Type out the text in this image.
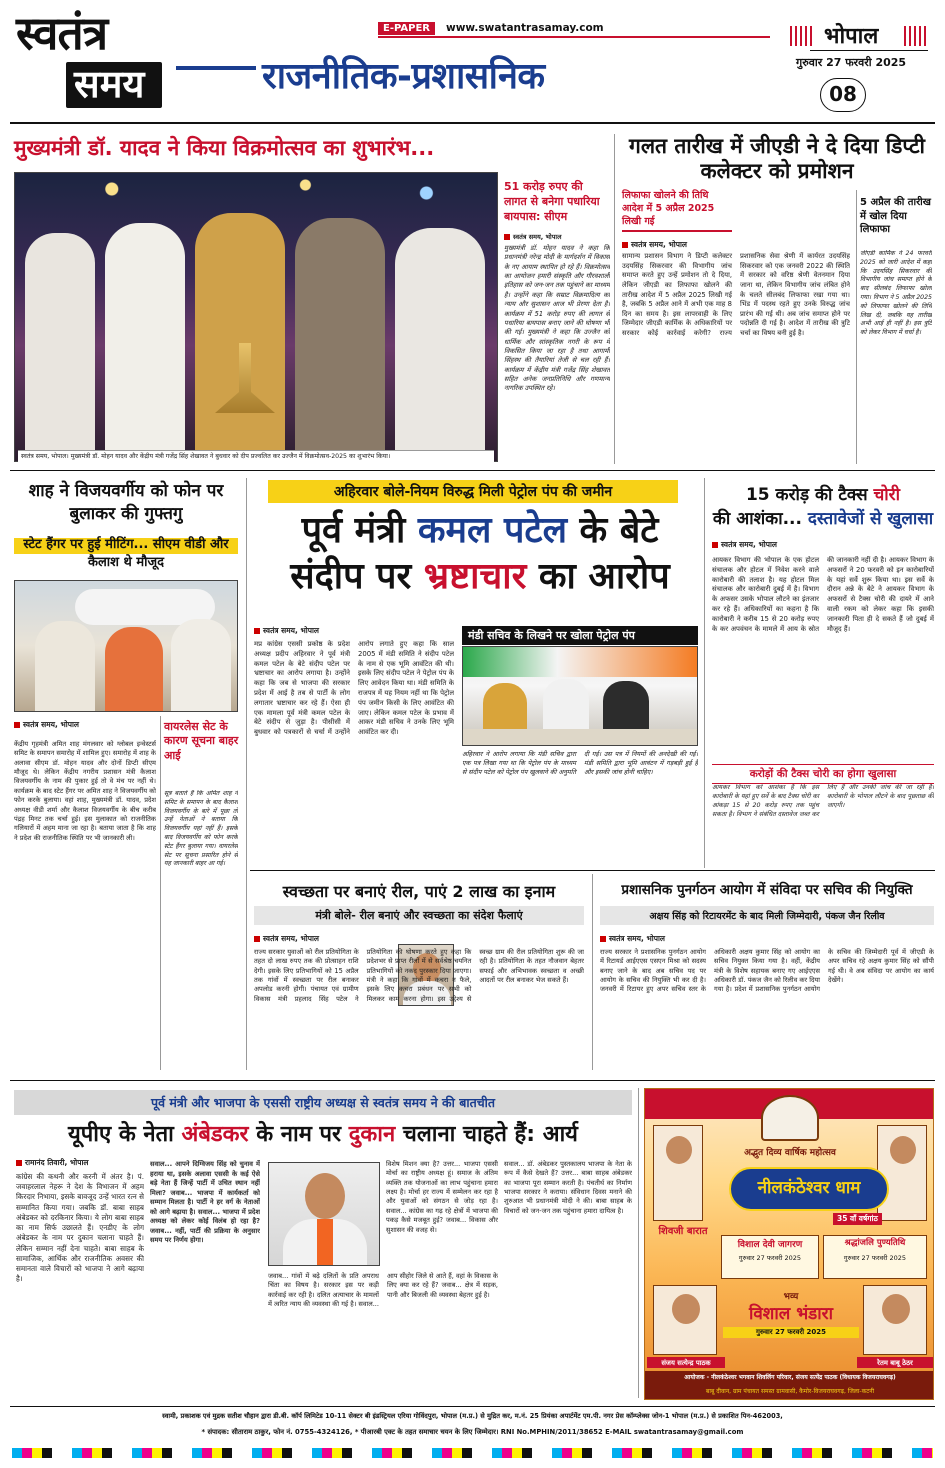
स्वतंत्र
समय
E-PAPER	www.swatantrasamay.com
राजनीतिक-प्रशासनिक
भोपाल
गुरुवार 27 फरवरी 2025
08
मुख्यमंत्री डॉ. यादव ने किया विक्रमोत्सव का शुभारंभ...
स्वतंत्र समय, भोपाल। मुख्यमंत्री डॉ. मोहन यादव और केंद्रीय मंत्री गजेंद्र सिंह शेखावत ने बुधवार को दीप प्रज्वलित कर उज्जैन में विक्रमोत्सव-2025 का शुभारंभ किया।
51 करोड़ रुपए की लागत से बनेगा पधारिया बायपास: सीएम
स्वतंत्र समय, भोपाल
मुख्यमंत्री डॉ. मोहन यादव ने कहा कि प्रधानमंत्री नरेन्द्र मोदी के मार्गदर्शन में विकास के नए आयाम स्थापित हो रहे हैं। विक्रमोत्सव का आयोजन हमारी संस्कृति और गौरवशाली इतिहास को जन-जन तक पहुंचाने का माध्यम है। उन्होंने कहा कि सम्राट विक्रमादित्य का न्याय और सुशासन आज भी प्रेरणा देता है। कार्यक्रम में 51 करोड़ रुपए की लागत से पधारिया बायपास बनाए जाने की घोषणा भी की गई। मुख्यमंत्री ने कहा कि उज्जैन को धार्मिक और सांस्कृतिक नगरी के रूप में विकसित किया जा रहा है तथा आगामी सिंहस्थ की तैयारियां तेजी से चल रही हैं। कार्यक्रम में केंद्रीय मंत्री गजेंद्र सिंह शेखावत सहित अनेक जनप्रतिनिधि और गणमान्य नागरिक उपस्थित रहे।
गलत तारीख में जीएडी ने दे दिया डिप्टी कलेक्टर को प्रमोशन
लिफाफा खोलने की तिथि आदेश में 5 अप्रैल 2025 लिखी गई
स्वतंत्र समय, भोपाल
सामान्य प्रशासन विभाग ने डिप्टी कलेक्टर उदयसिंह सिकरवार की विभागीय जांच समाप्त करते हुए उन्हें प्रमोशन तो दे दिया, लेकिन जीएडी का लिफाफा खोलने की तारीख आदेश में 5 अप्रैल 2025 लिखी गई है, जबकि 5 अप्रैल आने में अभी एक माह 8 दिन का समय है। इस लापरवाही के लिए जिम्मेदार जीएडी कार्मिक के अधिकारियों पर सरकार कोई कार्रवाई करेगी? राज्य प्रशासनिक सेवा श्रेणी में कार्यरत उदयसिंह सिकरवार को एक जनवरी 2022 की स्थिति में सरकार को वरिष्ठ श्रेणी वेतनमान दिया जाना था, लेकिन विभागीय जांच लंबित होने के चलते सीलबंद लिफाफा रखा गया था। भिंड में पदस्थ रहते हुए उनके विरुद्ध जांच प्रारंभ की गई थी। अब जांच समाप्त होने पर पदोन्नति दी गई है। आदेश में तारीख की त्रुटि चर्चा का विषय बनी हुई है।
5 अप्रैल की तारीख में खोल दिया लिफाफा
जीएडी कार्मिक ने 24 फरवरी 2025 को जारी आदेश में कहा कि उदयसिंह सिकरवार की विभागीय जांच समाप्त होने के बाद सीलबंद लिफाफा खोला गया। विभाग ने 5 अप्रैल 2025 को लिफाफा खोलने की तिथि लिख दी, जबकि यह तारीख अभी आई ही नहीं है। इस त्रुटि को लेकर विभाग में चर्चा है।
शाह ने विजयवर्गीय को फोन पर बुलाकर की गुफ्तगु
स्टेट हैंगर पर हुई मीटिंग... सीएम वीडी और कैलाश थे मौजूद
स्वतंत्र समय, भोपाल
केंद्रीय गृहमंत्री अमित शाह मंगलवार को ग्लोबल इन्वेस्टर्स समिट के समापन समारोह में शामिल हुए। समारोह में शाह के अलावा सीएम डॉ. मोहन यादव और दोनों डिप्टी सीएम मौजूद थे। लेकिन केंद्रीय नगरीय प्रशासन मंत्री कैलाश विजयवर्गीय के नाम की पुकार हुई तो वे मंच पर नहीं थे। कार्यक्रम के बाद स्टेट हैंगर पर अमित शाह ने विजयवर्गीय को फोन करके बुलाया। वहां शाह, मुख्यमंत्री डॉ. यादव, प्रदेश अध्यक्ष वीडी शर्मा और कैलाश विजयवर्गीय के बीच करीब पंद्रह मिनट तक चर्चा हुई। इस मुलाकात को राजनीतिक गलियारों में अहम माना जा रहा है। बताया जाता है कि शाह ने प्रदेश की राजनीतिक स्थिति पर भी जानकारी ली।
वायरलेस सेट के कारण सूचना बाहर आई
सूत्र बताते हैं कि अमित शाह ने समिट के समापन के बाद कैलाश विजयवर्गीय के बारे में पूछा तो उन्हें नेताओं ने बताया कि विजयवर्गीय यहां नहीं हैं। इसके बाद विजयवर्गीय को फोन करके स्टेट हैंगर बुलाया गया। वायरलेस सेट पर सूचना प्रसारित होने से यह जानकारी बाहर आ गई।
अहिरवार बोले-नियम विरुद्ध मिली पेट्रोल पंप की जमीन
पूर्व मंत्री कमल पटेल के बेटे
संदीप पर भ्रष्टाचार का आरोप
स्वतंत्र समय, भोपाल
मप्र कांग्रेस एससी प्रकोष्ठ के प्रदेश अध्यक्ष प्रदीप अहिरवार ने पूर्व मंत्री कमल पटेल के बेटे संदीप पटेल पर भ्रष्टाचार का आरोप लगाया है। उन्होंने कहा कि जब से भाजपा की सरकार प्रदेश में आई है तब से पार्टी के लोग लगातार भ्रष्टाचार कर रहे हैं। ऐसा ही एक मामला पूर्व मंत्री कमल पटेल के बेटे संदीप से जुड़ा है। पीसीसी में बुधवार को पत्रकारों से चर्चा में उन्होंने आरोप लगाते हुए कहा कि साल 2005 में मंडी समिति ने संदीप पटेल के नाम से एक भूमि आवंटित की थी। इसके लिए संदीप पटेल ने पेट्रोल पंप के लिए आवेदन किया था। मंडी समिति के राजपत्र में यह नियम नहीं था कि पेट्रोल पंप जमीन किसी के लिए आवंटित की जाए। लेकिन कमल पटेल के प्रभाव में आकर मंडी सचिव ने उनके लिए भूमि आवंटित कर दी।
मंडी सचिव के लिखने पर खोला पेट्रोल पंप
अहिरवार ने आरोप लगाया कि मंडी सचिव द्वारा एक पत्र लिखा गया था कि पेट्रोल पंप के माध्यम से संदीप पटेल को पेट्रोल पंप खुलवाने की अनुमति दी गई। उस पत्र में नियमों की अनदेखी की गई। मंडी समिति द्वारा भूमि आवंटन में गड़बड़ी हुई है और इसकी जांच होनी चाहिए।
15 करोड़ की टैक्स चोरी
की आशंका... दस्तावेजों से खुलासा
स्वतंत्र समय, भोपाल
आयकर विभाग की भोपाल के एक होटल संचालक और होटल में निवेश करने वाले कारोबारी की तलाश है। यह होटल मिल संचालक और कारोबारी दुबई में है। विभाग के अफसर उसके भोपाल लौटने का इंतजार कर रहे हैं। अधिकारियों का कहना है कि कारोबारी ने करीब 15 से 20 करोड़ रुपए के कर अपवंचन के मामले में आय के स्रोत की जानकारी नहीं दी है। आयकर विभाग के अफसरों ने 20 फरवरी को इन कारोबारियों के यहां सर्वे शुरू किया था। इस सर्वे के दौरान अन्ने के बेटे ने आयकर विभाग के अफसरों से टैक्स चोरी की दायरे में आने वाली रकम को लेकर कहा कि इसकी जानकारी पिता ही दे सकते हैं जो दुबई में मौजूद हैं।
करोड़ों की टैक्स चोरी का होगा खुलासा
आयकर विभाग को आशंका है कि इस कारोबारी के यहां हुए सर्वे के बाद टैक्स चोरी का आंकड़ा 15 से 20 करोड़ रुपए तक पहुंच सकता है। विभाग ने संबंधित दस्तावेज जब्त कर लिए हैं और उनकी जांच की जा रही है। कारोबारी के भोपाल लौटने के बाद पूछताछ की जाएगी।
स्वच्छता पर बनाएं रील, पाएं 2 लाख का इनाम
मंत्री बोले- रील बनाएं और स्वच्छता का संदेश फैलाएं
स्वतंत्र समय, भोपाल
राज्य सरकार युवाओं को रील प्रतियोगिता के तहत दो लाख रुपए तक की प्रोत्साहन राशि देगी। इसके लिए प्रतिभागियों को 15 अप्रैल तक गांवों में स्वच्छता पर रील बनाकर अपलोड करनी होगी। पंचायत एवं ग्रामीण विकास मंत्री प्रहलाद सिंह पटेल ने प्रतियोगिता की घोषणा करते हुए कहा कि प्रदेशभर से प्राप्त रीलों में से सर्वश्रेष्ठ चयनित प्रतिभागियों को नकद पुरस्कार दिया जाएगा। मंत्री ने कहा कि गांवों में कचरा न फैले, इसके लिए कचरा प्रबंधन पर सभी को मिलकर काम करना होगा। इस उद्देश्य से स्वच्छ ग्राम की रील प्रतियोगिता शुरू की जा रही है। प्रतियोगिता के तहत नौजवान बेहतर सफाई और अभिभावक स्वच्छता व अच्छी आदतों पर रील बनाकर भेज सकते हैं।
प्रशासनिक पुनर्गठन आयोग में संविदा पर सचिव की नियुक्ति
अक्षय सिंह को रिटायरमेंट के बाद मिली जिम्मेदारी, पंकज जैन रिलीव
स्वतंत्र समय, भोपाल
राज्य सरकार ने प्रशासनिक पुनर्गठन आयोग में रिटायर्ड आईएएस एसएन मिश्रा को सदस्य बनाए जाने के बाद अब सचिव पद पर आयोग के सचिव की नियुक्ति भी कर दी है। जनवरी में रिटायर हुए अपर सचिव स्तर के अधिकारी अक्षय कुमार सिंह को आयोग का सचिव नियुक्त किया गया है। वहीं, केंद्रीय मंत्री के विशेष सहायक बनाए गए आईएएस अधिकारी डॉ. पंकज जैन को रिलीव कर दिया गया है। प्रदेश में प्रशासनिक पुनर्गठन आयोग के सचिव की जिम्मेदारी पूर्व में जीएडी के अपर सचिव रहे अक्षय कुमार सिंह को सौंपी गई थी। वे अब संविदा पर आयोग का कार्य देखेंगे।
पूर्व मंत्री और भाजपा के एससी राष्ट्रीय अध्यक्ष से स्वतंत्र समय ने की बातचीत
यूपीए के नेता अंबेडकर के नाम पर दुकान चलाना चाहते हैं: आर्य
रामानंद तिवारी, भोपाल
कांग्रेस की कथनी और करनी में अंतर है। पं. जवाहरलाल नेहरू ने देश के विभाजन में अहम किरदार निभाया, इसके बावजूद उन्हें भारत रत्न से सम्मानित किया गया। जबकि डॉ. बाबा साहब अंबेडकर को दरकिनार किया। ये लोग बाबा साहब का नाम सिर्फ उछालते हैं। एनडीए के लोग अंबेडकर के नाम पर दुकान चलाना चाहते हैं। लेकिन सम्मान नहीं देना चाहते। बाबा साहब के सामाजिक, आर्थिक और राजनीतिक अवसर की समानता वाले विचारों को भाजपा ने आगे बढ़ाया है।
सवाल... आपने दिग्विजय सिंह को चुनाव में हराया था, इसके अलावा एससी के कई ऐसे बड़े नेता हैं जिन्हें पार्टी में उचित स्थान नहीं मिला? जवाब... भाजपा में कार्यकर्ता को सम्मान मिलता है। पार्टी ने हर वर्ग के नेताओं को आगे बढ़ाया है। सवाल... भाजपा में प्रदेश अध्यक्ष को लेकर कोई विलंब हो रहा है? जवाब... नहीं, पार्टी की प्रक्रिया के अनुसार समय पर निर्णय होगा।
जवाब... गांवों में बढ़े दलितों के प्रति अपराध चिंता का विषय है। सरकार इस पर कड़ी कार्रवाई कर रही है। दलित अत्याचार के मामलों में त्वरित न्याय की व्यवस्था की गई है। सवाल... आप सीहोर जिले से आते हैं, वहां के विकास के लिए क्या कर रहे हैं? जवाब... क्षेत्र में सड़क, पानी और बिजली की व्यवस्था बेहतर हुई है।
विशेष मिशन क्या है? उत्तर... भाजपा एससी मोर्चा का राष्ट्रीय अध्यक्ष हूं। समाज के अंतिम व्यक्ति तक योजनाओं का लाभ पहुंचाना हमारा लक्ष्य है। मोर्चा हर राज्य में सम्मेलन कर रहा है और युवाओं को संगठन से जोड़ रहा है। सवाल... कांग्रेस का गढ़ रहे क्षेत्रों में भाजपा की पकड़ कैसे मजबूत हुई? जवाब... विकास और सुशासन की वजह से।
सवाल... डॉ. अंबेडकर पुस्तकालय भाजपा के नेता के रूप में कैसे देखते हैं? उत्तर... बाबा साहब अंबेडकर का भाजपा पूरा सम्मान करती है। पंचतीर्थ का निर्माण भाजपा सरकार ने कराया। संविधान दिवस मनाने की शुरुआत भी प्रधानमंत्री मोदी ने की। बाबा साहब के विचारों को जन-जन तक पहुंचाना हमारा दायित्व है।
अद्भुत दिव्य वार्षिक महोत्सव
शिवजी बारात
नीलकंठेश्वर धाम
35 वाँ वर्षगांठ
विशाल देवी जागरण
गुरुवार 27 फरवरी 2025
श्रद्धांजलि पुण्यतिथि
गुरुवार 27 फरवरी 2025
भव्य
विशाल भंडारा
गुरुवार 27 फरवरी 2025
संजय सत्येन्द्र पाठक	रेतम बाबू ठेठर
आयोजक - नीलकंठेश्वर भगवान शिवलिंग परिवार, संजय सत्येंद्र पाठक (विधायक विजयराघवगढ़)
बाबू दीवान, ग्राम पंचायत समस्त ग्रामवासी, कैमोर-विजयराघवगढ़, जिला-कटनी
स्वामी, प्रकाशक एवं मुद्रक सतीश चौहान द्वारा डी.बी. कॉर्प लिमिटेड 10-11 सेक्टर बी इंडस्ट्रियल एरिया गोविंदपुरा, भोपाल (म.प्र.) से मुद्रित कर, म.नं. 25 प्रियंका अपार्टमेंट एम.पी. नगर प्रेस कॉम्प्लेक्स जोन-1 भोपाल (म.प्र.) से प्रकाशित पिन-462003,
* संपादक: सीताराम ठाकुर, फोन नं. 0755-4324126, * पीआरबी एक्ट के तहत समाचार चयन के लिए जिम्मेदार। RNI No.MPHIN/2011/38652 E-MAIL swatantrasamay@gmail.com
